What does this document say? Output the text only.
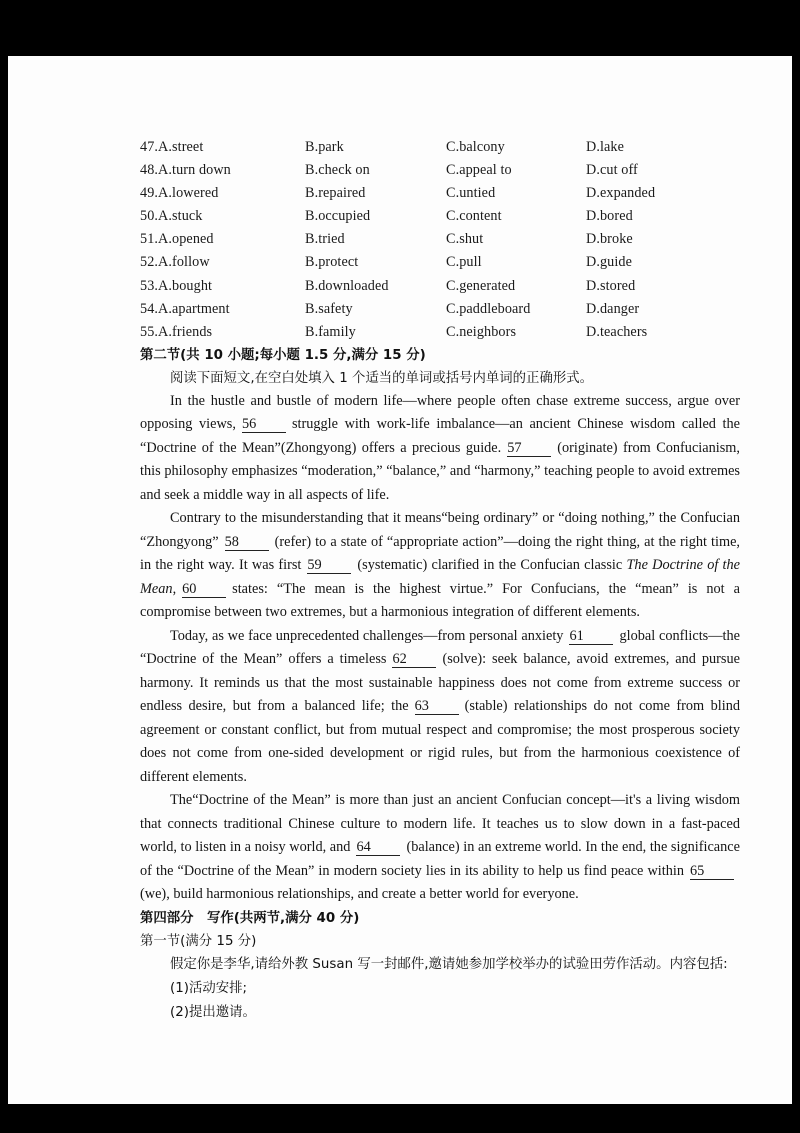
47.A.street	B.park	C.balcony	D.lake
48.A.turn down	B.check on	C.appeal to	D.cut off
49.A.lowered	B.repaired	C.untied	D.expanded
50.A.stuck	B.occupied	C.content	D.bored
51.A.opened	B.tried	C.shut	D.broke
52.A.follow	B.protect	C.pull	D.guide
53.A.bought	B.downloaded	C.generated	D.stored
54.A.apartment	B.safety	C.paddleboard	D.danger
55.A.friends	B.family	C.neighbors	D.teachers
第二节(共 10 小题;每小题 1.5 分,满分 15 分)
阅读下面短文,在空白处填入 1 个适当的单词或括号内单词的正确形式。

In the hustle and bustle of modern life—where people often chase extreme success, argue over opposing views, 56 struggle with work-life imbalance—an ancient Chinese wisdom called the “Doctrine of the Mean”(Zhongyong) offers a precious guide. 57 (originate) from Confucianism, this philosophy emphasizes “moderation,” “balance,” and “harmony,” teaching people to avoid extremes and seek a middle way in all aspects of life.

Contrary to the misunderstanding that it means“being ordinary” or “doing nothing,” the Confucian “Zhongyong” 58 (refer) to a state of “appropriate action”—doing the right thing, at the right time, in the right way. It was first 59 (systematic) clarified in the Confucian classic The Doctrine of the Mean, 60 states: “The mean is the highest virtue.” For Confucians, the “mean” is not a compromise between two extremes, but a harmonious integration of different elements.

Today, as we face unprecedented challenges—from personal anxiety 61 global conflicts—the “Doctrine of the Mean” offers a timeless 62 (solve): seek balance, avoid extremes, and pursue harmony. It reminds us that the most sustainable happiness does not come from extreme success or endless desire, but from a balanced life; the 63 (stable) relationships do not come from blind agreement or constant conflict, but from mutual respect and compromise; the most prosperous society does not come from one-sided development or rigid rules, but from the harmonious coexistence of different elements.

The“Doctrine of the Mean” is more than just an ancient Confucian concept—it's a living wisdom that connects traditional Chinese culture to modern life. It teaches us to slow down in a fast-paced world, to listen in a noisy world, and 64 (balance) in an extreme world. In the end, the significance of the “Doctrine of the Mean” in modern society lies in its ability to help us find peace within 65(we), build harmonious relationships, and create a better world for everyone.

第四部分　写作(共两节,满分 40 分)
第一节(满分 15 分)

假定你是李华,请给外教 Susan 写一封邮件,邀请她参加学校举办的试验田劳作活动。内容包括:

(1)活动安排;
(2)提出邀请。
